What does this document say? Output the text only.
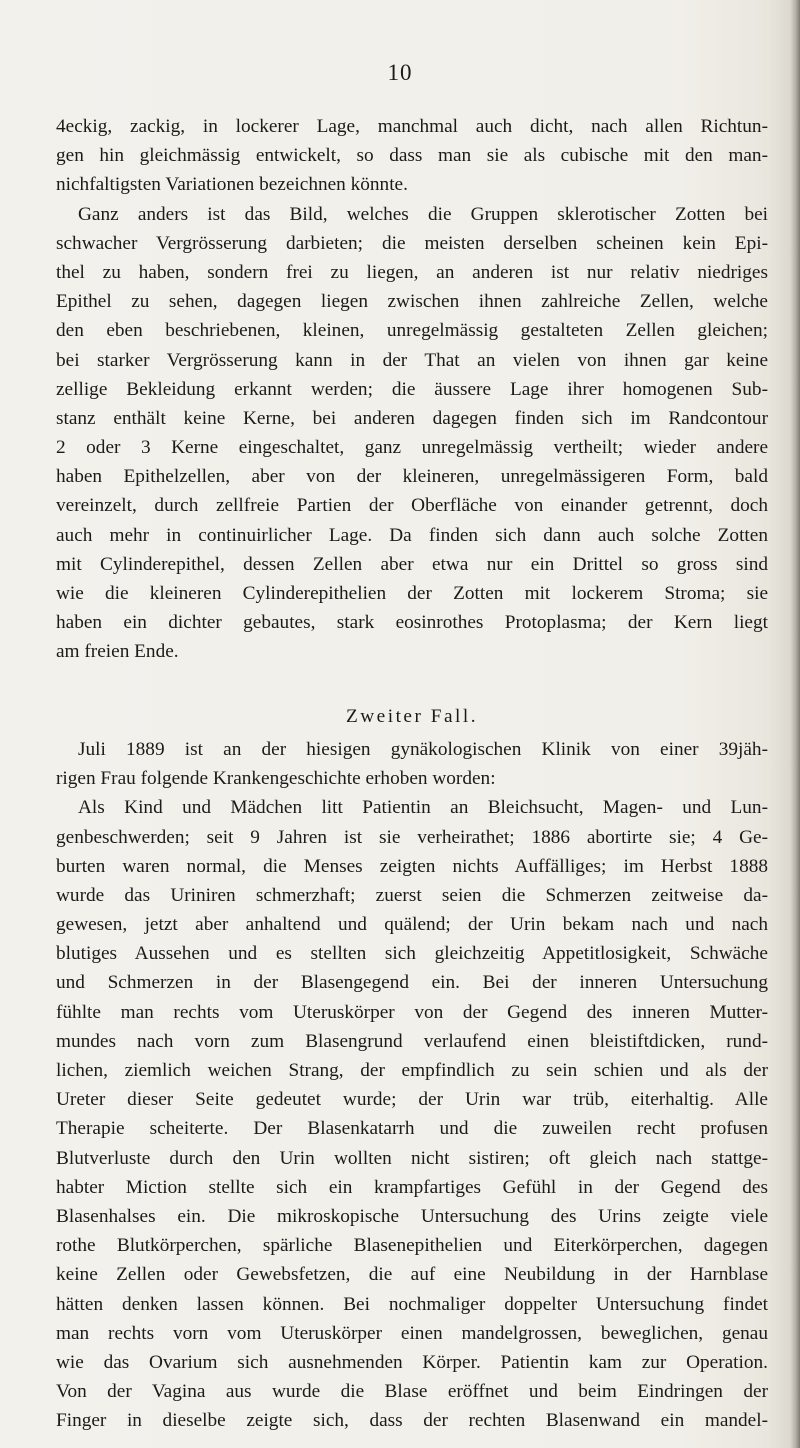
10
4eckig, zackig, in lockerer Lage, manchmal auch dicht, nach allen Richtun-
gen hin gleichmässig entwickelt, so dass man sie als cubische mit den man-
nichfaltigsten Variationen bezeichnen könnte.
Ganz anders ist das Bild, welches die Gruppen sklerotischer Zotten bei
schwacher Vergrösserung darbieten; die meisten derselben scheinen kein Epi-
thel zu haben, sondern frei zu liegen, an anderen ist nur relativ niedriges
Epithel zu sehen, dagegen liegen zwischen ihnen zahlreiche Zellen, welche
den eben beschriebenen, kleinen, unregelmässig gestalteten Zellen gleichen;
bei starker Vergrösserung kann in der That an vielen von ihnen gar keine
zellige Bekleidung erkannt werden; die äussere Lage ihrer homogenen Sub-
stanz enthält keine Kerne, bei anderen dagegen finden sich im Randcontour
2 oder 3 Kerne eingeschaltet, ganz unregelmässig vertheilt; wieder andere
haben Epithelzellen, aber von der kleineren, unregelmässigeren Form, bald
vereinzelt, durch zellfreie Partien der Oberfläche von einander getrennt, doch
auch mehr in continuirlicher Lage. Da finden sich dann auch solche Zotten
mit Cylinderepithel, dessen Zellen aber etwa nur ein Drittel so gross sind
wie die kleineren Cylinderepithelien der Zotten mit lockerem Stroma; sie
haben ein dichter gebautes, stark eosinrothes Protoplasma; der Kern liegt
am freien Ende.
Zweiter Fall.
Juli 1889 ist an der hiesigen gynäkologischen Klinik von einer 39jäh-
rigen Frau folgende Krankengeschichte erhoben worden:
Als Kind und Mädchen litt Patientin an Bleichsucht, Magen- und Lun-
genbeschwerden; seit 9 Jahren ist sie verheirathet; 1886 abortirte sie; 4 Ge-
burten waren normal, die Menses zeigten nichts Auffälliges; im Herbst 1888
wurde das Uriniren schmerzhaft; zuerst seien die Schmerzen zeitweise da-
gewesen, jetzt aber anhaltend und quälend; der Urin bekam nach und nach
blutiges Aussehen und es stellten sich gleichzeitig Appetitlosigkeit, Schwäche
und Schmerzen in der Blasengegend ein. Bei der inneren Untersuchung
fühlte man rechts vom Uteruskörper von der Gegend des inneren Mutter-
mundes nach vorn zum Blasengrund verlaufend einen bleistiftdicken, rund-
lichen, ziemlich weichen Strang, der empfindlich zu sein schien und als der
Ureter dieser Seite gedeutet wurde; der Urin war trüb, eiterhaltig. Alle
Therapie scheiterte. Der Blasenkatarrh und die zuweilen recht profusen
Blutverluste durch den Urin wollten nicht sistiren; oft gleich nach stattge-
habter Miction stellte sich ein krampfartiges Gefühl in der Gegend des
Blasenhalses ein. Die mikroskopische Untersuchung des Urins zeigte viele
rothe Blutkörperchen, spärliche Blasenepithelien und Eiterkörperchen, dagegen
keine Zellen oder Gewebsfetzen, die auf eine Neubildung in der Harnblase
hätten denken lassen können. Bei nochmaliger doppelter Untersuchung findet
man rechts vorn vom Uteruskörper einen mandelgrossen, beweglichen, genau
wie das Ovarium sich ausnehmenden Körper. Patientin kam zur Operation.
Von der Vagina aus wurde die Blase eröffnet und beim Eindringen der
Finger in dieselbe zeigte sich, dass der rechten Blasenwand ein mandel-
